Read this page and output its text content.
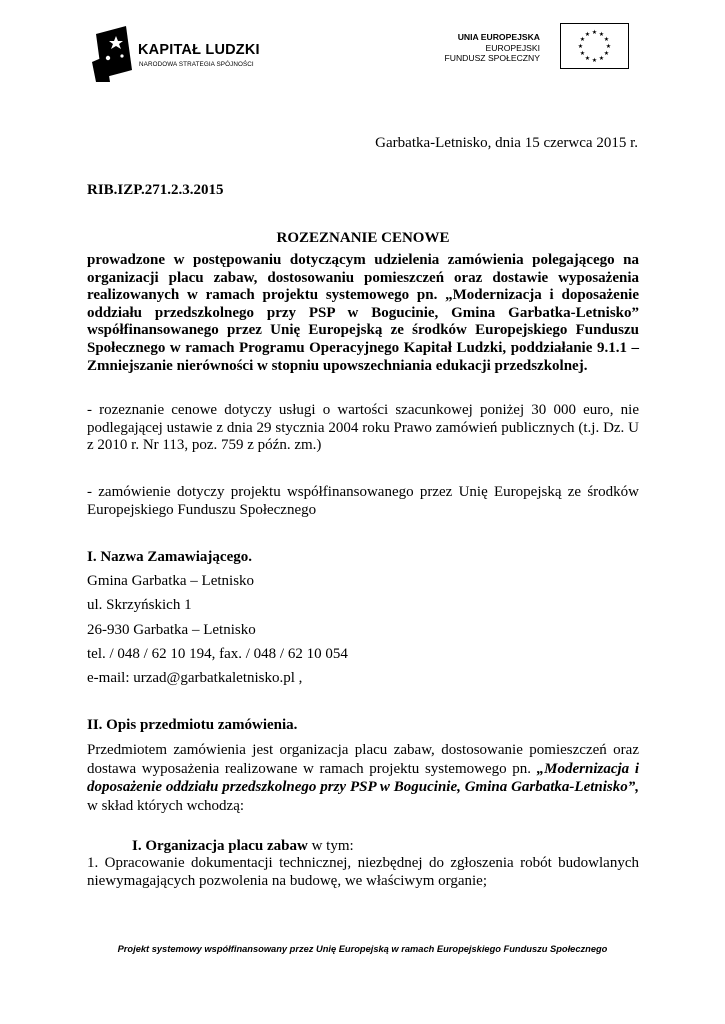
KAPITAŁ LUDZKI
NARODOWA STRATEGIA SPÓJNOŚCI
UNIA EUROPEJSKA
EUROPEJSKI
FUNDUSZ SPOŁECZNY
★ ★
★
★
★
★
★
★
★
★
★
★
Garbatka-Letnisko, dnia 15 czerwca 2015 r.
RIB.IZP.271.2.3.2015
ROZEZNANIE CENOWE

prowadzone w postępowaniu dotyczącym udzielenia zamówienia polegającego na organizacji placu zabaw, dostosowaniu pomieszczeń oraz dostawie wyposażenia realizowanych w ramach projektu systemowego pn. „Modernizacja i doposażenie oddziału przedszkolnego przy PSP w Bogucinie, Gmina Garbatka-Letnisko” współfinansowanego przez Unię Europejską ze środków Europejskiego Funduszu Społecznego w ramach Programu Operacyjnego Kapitał Ludzki, poddziałanie 9.1.1 – Zmniejszanie nierówności w stopniu upowszechniania edukacji przedszkolnej.

- rozeznanie cenowe dotyczy usługi o wartości szacunkowej poniżej 30 000 euro, nie podlegającej ustawie z dnia 29 stycznia 2004 roku Prawo zamówień publicznych (t.j. Dz. U z 2010 r. Nr 113, poz. 759 z późn. zm.)

- zamówienie dotyczy projektu współfinansowanego przez Unię Europejską ze środków Europejskiego Funduszu Społecznego

I. Nazwa Zamawiającego.
Gmina Garbatka – Letnisko
ul. Skrzyńskich 1
26-930 Garbatka – Letnisko
tel. / 048 / 62 10 194, fax. / 048 / 62 10 054
e-mail: urzad@garbatkaletnisko.pl ,
II. Opis przedmiotu zamówienia.

Przedmiotem zamówienia jest organizacja placu zabaw, dostosowanie pomieszczeń oraz dostawa wyposażenia realizowane w ramach projektu systemowego pn. „Modernizacja i doposażenie oddziału przedszkolnego przy PSP w Bogucinie, Gmina Garbatka-Letnisko”, w skład których wchodzą:

I. Organizacja placu zabaw w tym:

1. Opracowanie dokumentacji technicznej, niezbędnej do zgłoszenia robót budowlanych niewymagających pozwolenia na budowę, we właściwym organie;

Projekt systemowy współfinansowany przez Unię Europejską w ramach Europejskiego Funduszu Społecznego
